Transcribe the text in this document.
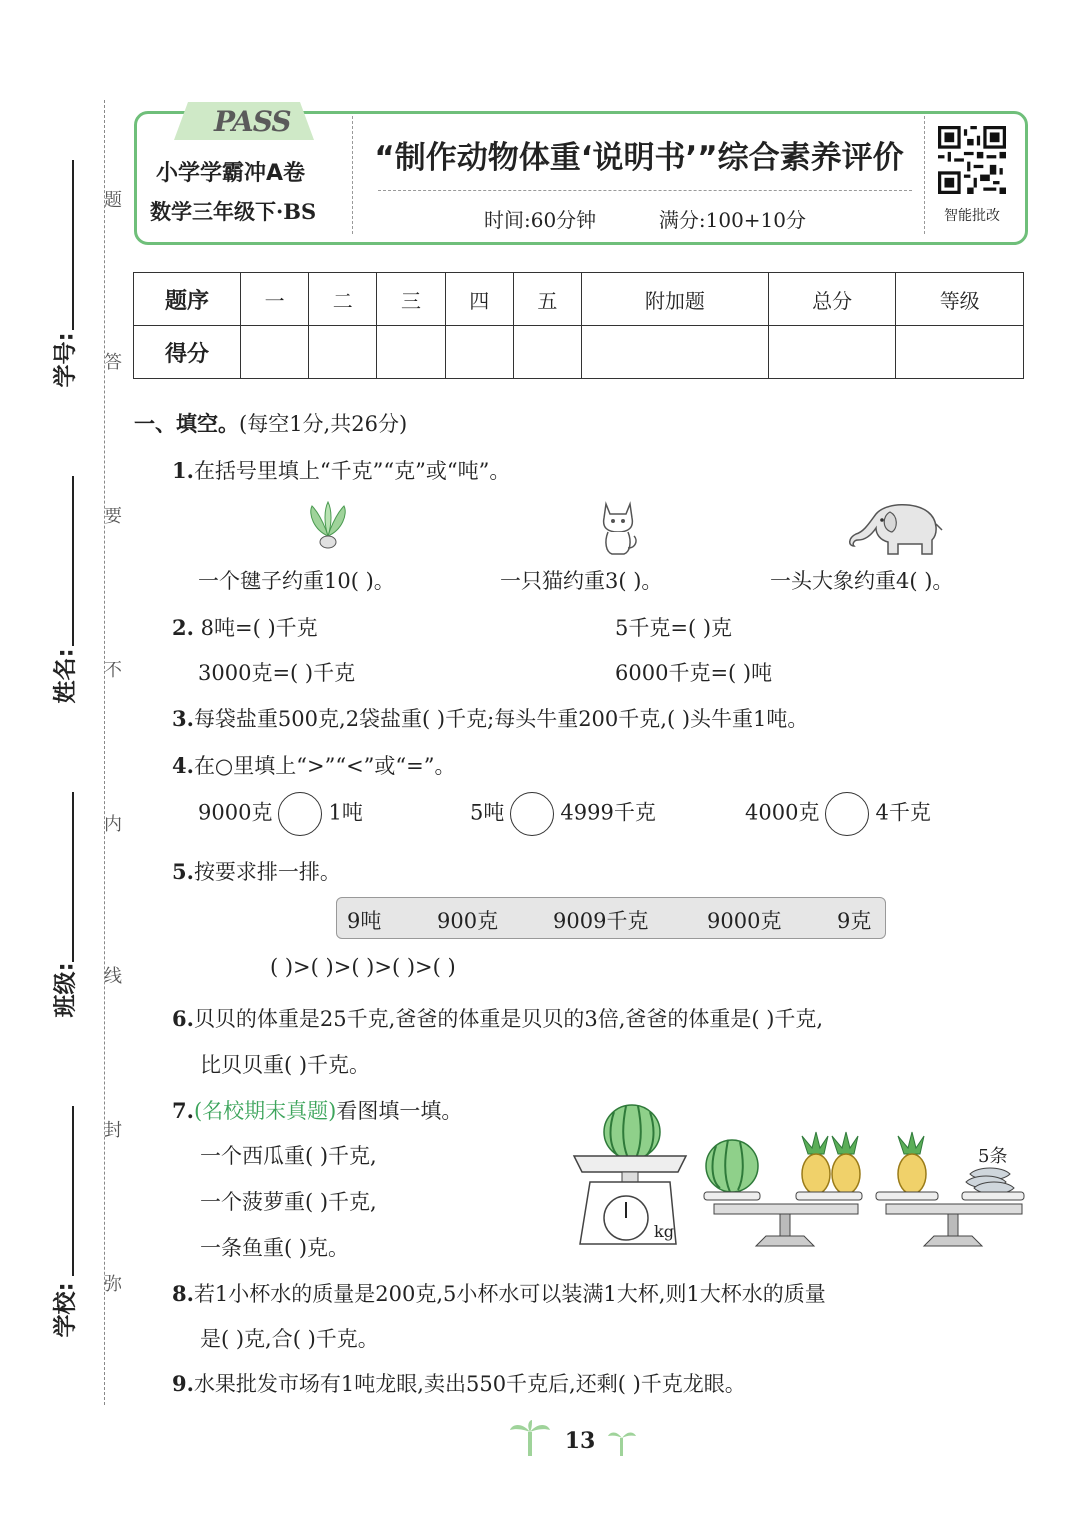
题
答
要
不
内
线
封
弥
学号:
姓名:
班级:
学校:
PASS
小学学霸冲A卷
数学三年级下·BS
“制作动物体重‘说明书’”综合素养评价
时间:60分钟	满分:100+10分	智能批改
题序	一	二	三	四	五	附加题	总分	等级
得分								
一、填空。(每空1分,共26分)
1.在括号里填上“千克”“克”或“吨”。
一个毽子约重10( )。	一只猫约重3( )。	一头大象约重4( )。
2. 8吨=( )千克	5千克=( )克
3000克=( )千克	6000千克=( )吨
3.每袋盐重500克,2袋盐重( )千克;每头牛重200千克,( )头牛重1吨。
4.在○里填上“>”“<”或“=”。
9000克	1吨	5吨	4999千克	4000克	4千克
5.按要求排一排。
9吨	900克	9009千克	9000克	9克
( )>( )>( )>( )>( )
6.贝贝的体重是25千克,爸爸的体重是贝贝的3倍,爸爸的体重是( )千克,
比贝贝重( )千克。
7.(名校期末真题)看图填一填。
一个西瓜重( )千克,
一个菠萝重( )千克,
一条鱼重( )克。
kg
5条
8.若1小杯水的质量是200克,5小杯水可以装满1大杯,则1大杯水的质量
是( )克,合( )千克。
9.水果批发市场有1吨龙眼,卖出550千克后,还剩( )千克龙眼。
13
